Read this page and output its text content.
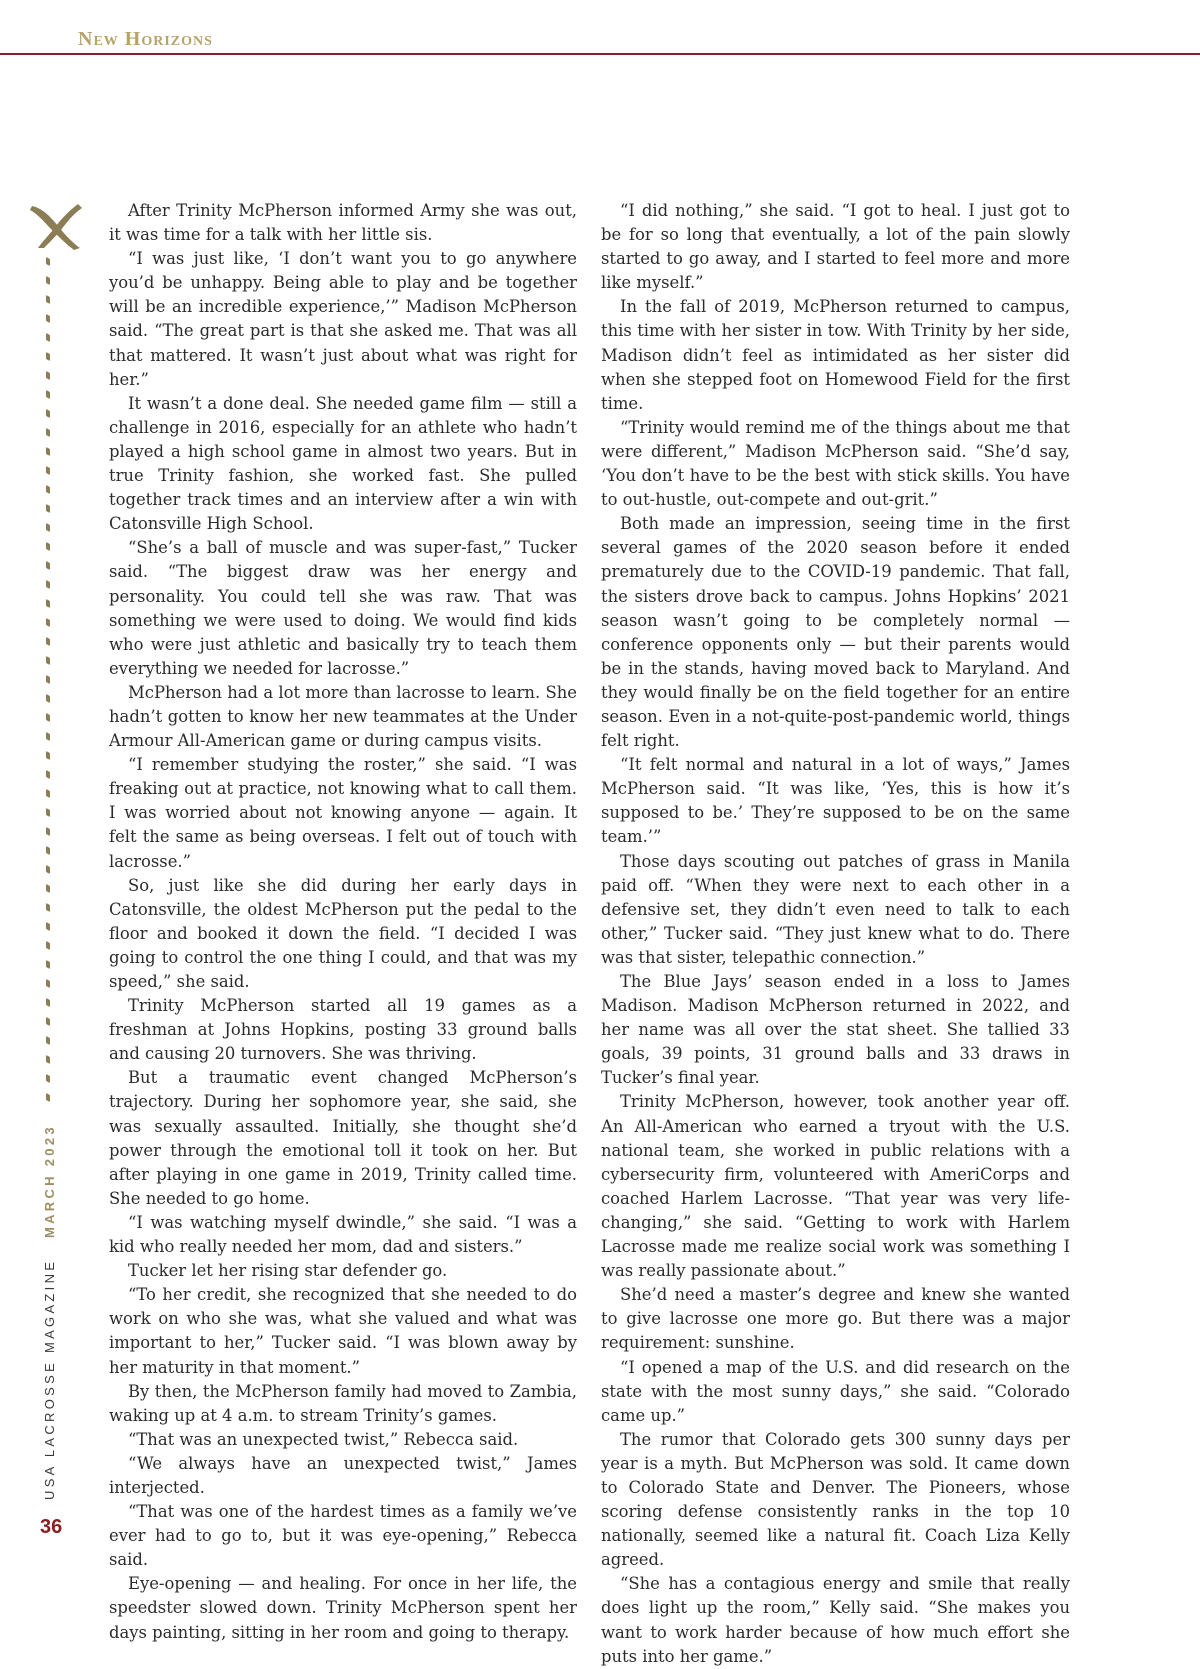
New Horizons
USA LACROSSE MAGAZINE   MARCH 2023
36

After Trinity McPherson informed Army she was out, it was time for a talk with her little sis.

“I was just like, ‘I don’t want you to go anywhere you’d be unhappy. Being able to play and be together will be an incredible experience,’” Madison McPherson said. “The great part is that she asked me. That was all that mattered. It wasn’t just about what was right for her.”

It wasn’t a done deal. She needed game film — still a challenge in 2016, especially for an athlete who hadn’t played a high school game in almost two years. But in true Trinity fashion, she worked fast. She pulled together track times and an interview after a win with Catonsville High School.

“She’s a ball of muscle and was super-fast,” Tucker said. “The biggest draw was her energy and personality. You could tell she was raw. That was something we were used to doing. We would find kids who were just athletic and basically try to teach them everything we needed for lacrosse.”

McPherson had a lot more than lacrosse to learn. She hadn’t gotten to know her new teammates at the Under Armour All-American game or during campus visits.

“I remember studying the roster,” she said. “I was freaking out at practice, not knowing what to call them. I was worried about not knowing anyone — again. It felt the same as being overseas. I felt out of touch with lacrosse.”

So, just like she did during her early days in Catonsville, the oldest McPherson put the pedal to the floor and booked it down the field. “I decided I was going to control the one thing I could, and that was my speed,” she said.

Trinity McPherson started all 19 games as a freshman at Johns Hopkins, posting 33 ground balls and causing 20 turnovers. She was thriving.

But a traumatic event changed McPherson’s trajectory. During her sophomore year, she said, she was sexually assaulted. Initially, she thought she’d power through the emotional toll it took on her. But after playing in one game in 2019, Trinity called time. She needed to go home.

“I was watching myself dwindle,” she said. “I was a kid who really needed her mom, dad and sisters.”

Tucker let her rising star defender go.

“To her credit, she recognized that she needed to do work on who she was, what she valued and what was important to her,” Tucker said. “I was blown away by her maturity in that moment.”

By then, the McPherson family had moved to Zambia, waking up at 4 a.m. to stream Trinity’s games.

“That was an unexpected twist,” Rebecca said.

“We always have an unexpected twist,” James interjected.

“That was one of the hardest times as a family we’ve ever had to go to, but it was eye-opening,” Rebecca said.

Eye-opening — and healing. For once in her life, the speedster slowed down. Trinity McPherson spent her days painting, sitting in her room and going to therapy.

“I did nothing,” she said. “I got to heal. I just got to be for so long that eventually, a lot of the pain slowly started to go away, and I started to feel more and more like myself.”

In the fall of 2019, McPherson returned to campus, this time with her sister in tow. With Trinity by her side, Madison didn’t feel as intimidated as her sister did when she stepped foot on Homewood Field for the first time.

“Trinity would remind me of the things about me that were different,” Madison McPherson said. “She’d say, ‘You don’t have to be the best with stick skills. You have to out-hustle, out-compete and out-grit.”

Both made an impression, seeing time in the first several games of the 2020 season before it ended prematurely due to the COVID-19 pandemic. That fall, the sisters drove back to campus. Johns Hopkins’ 2021 season wasn’t going to be completely normal — conference opponents only — but their parents would be in the stands, having moved back to Maryland. And they would finally be on the field together for an entire season. Even in a not-quite-post-pandemic world, things felt right.

“It felt normal and natural in a lot of ways,” James McPherson said. “It was like, ‘Yes, this is how it’s supposed to be.’ They’re supposed to be on the same team.’”

Those days scouting out patches of grass in Manila paid off. “When they were next to each other in a defensive set, they didn’t even need to talk to each other,” Tucker said. “They just knew what to do. There was that sister, telepathic connection.”

The Blue Jays’ season ended in a loss to James Madison. Madison McPherson returned in 2022, and her name was all over the stat sheet. She tallied 33 goals, 39 points, 31 ground balls and 33 draws in Tucker’s final year.

Trinity McPherson, however, took another year off. An All-American who earned a tryout with the U.S. national team, she worked in public relations with a cybersecurity firm, volunteered with AmeriCorps and coached Harlem Lacrosse. “That year was very life-changing,” she said. “Getting to work with Harlem Lacrosse made me realize social work was something I was really passionate about.”

She’d need a master’s degree and knew she wanted to give lacrosse one more go. But there was a major requirement: sunshine.

“I opened a map of the U.S. and did research on the state with the most sunny days,” she said. “Colorado came up.”

The rumor that Colorado gets 300 sunny days per year is a myth. But McPherson was sold. It came down to Colorado State and Denver. The Pioneers, whose scoring defense consistently ranks in the top 10 nationally, seemed like a natural fit. Coach Liza Kelly agreed.

“She has a contagious energy and smile that really does light up the room,” Kelly said. “She makes you want to work harder because of how much effort she puts into her game.”
